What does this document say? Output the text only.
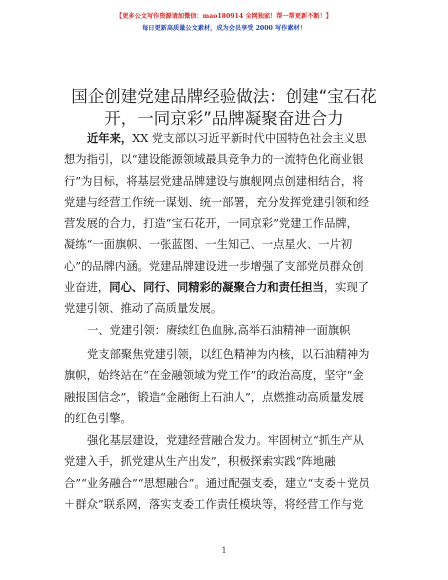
【更多公文写作资源请加微信：mao180914 全网独家！帮一帮更新不断！】
每日更新高质量公文素材，成为会员享受 2000 写作素材！
国企创建党建品牌经验做法：创建“宝石花
开，一同京彩”品牌凝聚奋进合力
近年来，XX 党支部以习近平新时代中国特色社会主义思
想为指引，以“建设能源领域最具竞争力的一流特色化商业银
行”为目标，将基层党建品牌建设与旗舰网点创建相结合，将
党建与经营工作统一谋划、统一部署，充分发挥党建引领和经
营发展的合力，打造“宝石花开，一同京彩”党建工作品牌，
凝练“一面旗帜、一张蓝图、一生知己、一点星火、一片初
心”的品牌内涵。党建品牌建设进一步增强了支部党员群众创
业奋进，同心、同行、同精彩的凝聚合力和责任担当，实现了
党建引领、推动了高质量发展。
一、党建引领：赓续红色血脉,高举石油精神一面旗帜
党支部聚焦党建引领，以红色精神为内核，以石油精神为
旗帜，始终站在“在金融领域为党工作”的政治高度，坚守“金
融报国信念”，锻造“金融街上石油人”，点燃推动高质量发展
的红色引擎。
强化基层建设，党建经营融合发力。牢固树立“抓生产从
党建入手，抓党建从生产出发”，积极探索实践“阵地融
合”“业务融合”“思想融合”。通过配强支委，建立“支委＋党员
＋群众”联系网，落实支委工作责任模块等，将经营工作与党
1
